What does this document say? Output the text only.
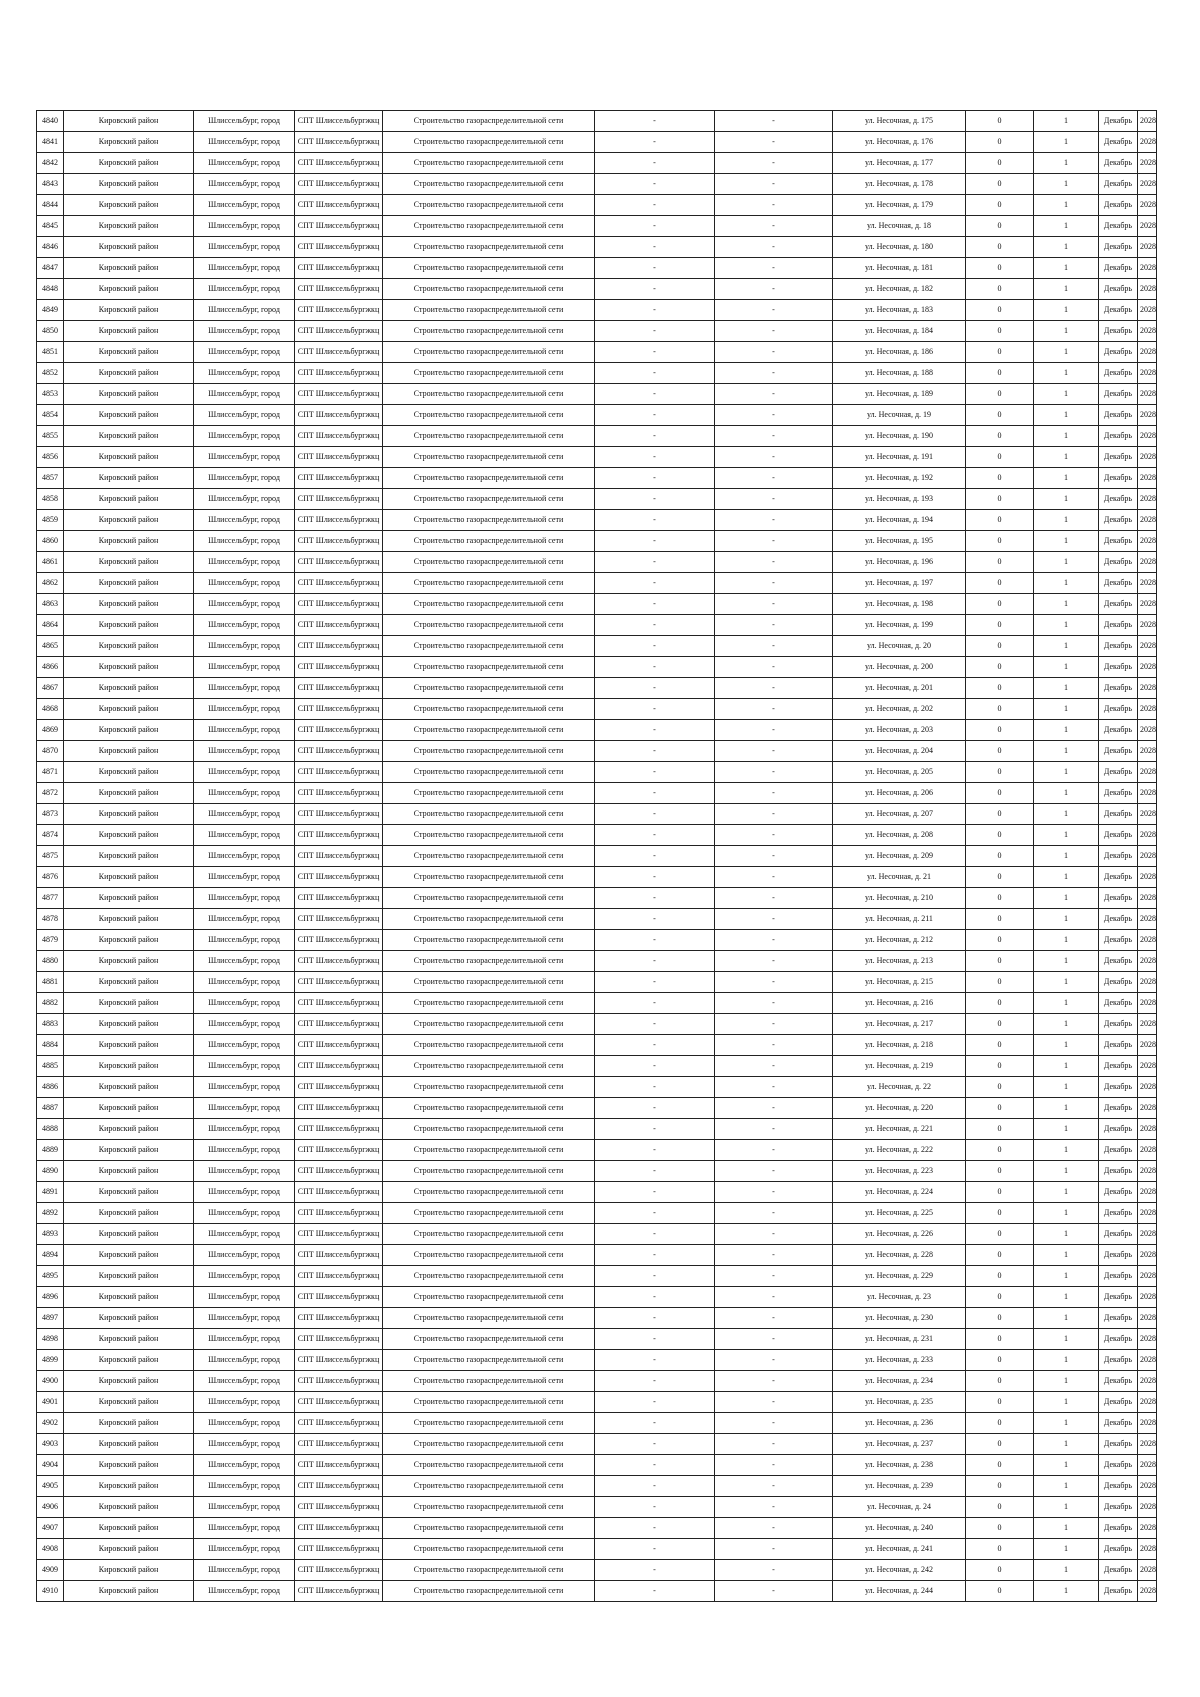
4840	Кировский район	Шлиссельбург, город	СПТ Шлиссельбургжкц	Строительство газораспределительной сети	-	-	ул. Несочная, д. 175	0	1	Декабрь	2028
4841	Кировский район	Шлиссельбург, город	СПТ Шлиссельбургжкц	Строительство газораспределительной сети	-	-	ул. Несочная, д. 176	0	1	Декабрь	2028
4842	Кировский район	Шлиссельбург, город	СПТ Шлиссельбургжкц	Строительство газораспределительной сети	-	-	ул. Несочная, д. 177	0	1	Декабрь	2028
4843	Кировский район	Шлиссельбург, город	СПТ Шлиссельбургжкц	Строительство газораспределительной сети	-	-	ул. Несочная, д. 178	0	1	Декабрь	2028
4844	Кировский район	Шлиссельбург, город	СПТ Шлиссельбургжкц	Строительство газораспределительной сети	-	-	ул. Несочная, д. 179	0	1	Декабрь	2028
4845	Кировский район	Шлиссельбург, город	СПТ Шлиссельбургжкц	Строительство газораспределительной сети	-	-	ул. Несочная, д. 18	0	1	Декабрь	2028
4846	Кировский район	Шлиссельбург, город	СПТ Шлиссельбургжкц	Строительство газораспределительной сети	-	-	ул. Несочная, д. 180	0	1	Декабрь	2028
4847	Кировский район	Шлиссельбург, город	СПТ Шлиссельбургжкц	Строительство газораспределительной сети	-	-	ул. Несочная, д. 181	0	1	Декабрь	2028
4848	Кировский район	Шлиссельбург, город	СПТ Шлиссельбургжкц	Строительство газораспределительной сети	-	-	ул. Несочная, д. 182	0	1	Декабрь	2028
4849	Кировский район	Шлиссельбург, город	СПТ Шлиссельбургжкц	Строительство газораспределительной сети	-	-	ул. Несочная, д. 183	0	1	Декабрь	2028
4850	Кировский район	Шлиссельбург, город	СПТ Шлиссельбургжкц	Строительство газораспределительной сети	-	-	ул. Несочная, д. 184	0	1	Декабрь	2028
4851	Кировский район	Шлиссельбург, город	СПТ Шлиссельбургжкц	Строительство газораспределительной сети	-	-	ул. Несочная, д. 186	0	1	Декабрь	2028
4852	Кировский район	Шлиссельбург, город	СПТ Шлиссельбургжкц	Строительство газораспределительной сети	-	-	ул. Несочная, д. 188	0	1	Декабрь	2028
4853	Кировский район	Шлиссельбург, город	СПТ Шлиссельбургжкц	Строительство газораспределительной сети	-	-	ул. Несочная, д. 189	0	1	Декабрь	2028
4854	Кировский район	Шлиссельбург, город	СПТ Шлиссельбургжкц	Строительство газораспределительной сети	-	-	ул. Несочная, д. 19	0	1	Декабрь	2028
4855	Кировский район	Шлиссельбург, город	СПТ Шлиссельбургжкц	Строительство газораспределительной сети	-	-	ул. Несочная, д. 190	0	1	Декабрь	2028
4856	Кировский район	Шлиссельбург, город	СПТ Шлиссельбургжкц	Строительство газораспределительной сети	-	-	ул. Несочная, д. 191	0	1	Декабрь	2028
4857	Кировский район	Шлиссельбург, город	СПТ Шлиссельбургжкц	Строительство газораспределительной сети	-	-	ул. Несочная, д. 192	0	1	Декабрь	2028
4858	Кировский район	Шлиссельбург, город	СПТ Шлиссельбургжкц	Строительство газораспределительной сети	-	-	ул. Несочная, д. 193	0	1	Декабрь	2028
4859	Кировский район	Шлиссельбург, город	СПТ Шлиссельбургжкц	Строительство газораспределительной сети	-	-	ул. Несочная, д. 194	0	1	Декабрь	2028
4860	Кировский район	Шлиссельбург, город	СПТ Шлиссельбургжкц	Строительство газораспределительной сети	-	-	ул. Несочная, д. 195	0	1	Декабрь	2028
4861	Кировский район	Шлиссельбург, город	СПТ Шлиссельбургжкц	Строительство газораспределительной сети	-	-	ул. Несочная, д. 196	0	1	Декабрь	2028
4862	Кировский район	Шлиссельбург, город	СПТ Шлиссельбургжкц	Строительство газораспределительной сети	-	-	ул. Несочная, д. 197	0	1	Декабрь	2028
4863	Кировский район	Шлиссельбург, город	СПТ Шлиссельбургжкц	Строительство газораспределительной сети	-	-	ул. Несочная, д. 198	0	1	Декабрь	2028
4864	Кировский район	Шлиссельбург, город	СПТ Шлиссельбургжкц	Строительство газораспределительной сети	-	-	ул. Несочная, д. 199	0	1	Декабрь	2028
4865	Кировский район	Шлиссельбург, город	СПТ Шлиссельбургжкц	Строительство газораспределительной сети	-	-	ул. Несочная, д. 20	0	1	Декабрь	2028
4866	Кировский район	Шлиссельбург, город	СПТ Шлиссельбургжкц	Строительство газораспределительной сети	-	-	ул. Несочная, д. 200	0	1	Декабрь	2028
4867	Кировский район	Шлиссельбург, город	СПТ Шлиссельбургжкц	Строительство газораспределительной сети	-	-	ул. Несочная, д. 201	0	1	Декабрь	2028
4868	Кировский район	Шлиссельбург, город	СПТ Шлиссельбургжкц	Строительство газораспределительной сети	-	-	ул. Несочная, д. 202	0	1	Декабрь	2028
4869	Кировский район	Шлиссельбург, город	СПТ Шлиссельбургжкц	Строительство газораспределительной сети	-	-	ул. Несочная, д. 203	0	1	Декабрь	2028
4870	Кировский район	Шлиссельбург, город	СПТ Шлиссельбургжкц	Строительство газораспределительной сети	-	-	ул. Несочная, д. 204	0	1	Декабрь	2028
4871	Кировский район	Шлиссельбург, город	СПТ Шлиссельбургжкц	Строительство газораспределительной сети	-	-	ул. Несочная, д. 205	0	1	Декабрь	2028
4872	Кировский район	Шлиссельбург, город	СПТ Шлиссельбургжкц	Строительство газораспределительной сети	-	-	ул. Несочная, д. 206	0	1	Декабрь	2028
4873	Кировский район	Шлиссельбург, город	СПТ Шлиссельбургжкц	Строительство газораспределительной сети	-	-	ул. Несочная, д. 207	0	1	Декабрь	2028
4874	Кировский район	Шлиссельбург, город	СПТ Шлиссельбургжкц	Строительство газораспределительной сети	-	-	ул. Несочная, д. 208	0	1	Декабрь	2028
4875	Кировский район	Шлиссельбург, город	СПТ Шлиссельбургжкц	Строительство газораспределительной сети	-	-	ул. Несочная, д. 209	0	1	Декабрь	2028
4876	Кировский район	Шлиссельбург, город	СПТ Шлиссельбургжкц	Строительство газораспределительной сети	-	-	ул. Несочная, д. 21	0	1	Декабрь	2028
4877	Кировский район	Шлиссельбург, город	СПТ Шлиссельбургжкц	Строительство газораспределительной сети	-	-	ул. Несочная, д. 210	0	1	Декабрь	2028
4878	Кировский район	Шлиссельбург, город	СПТ Шлиссельбургжкц	Строительство газораспределительной сети	-	-	ул. Несочная, д. 211	0	1	Декабрь	2028
4879	Кировский район	Шлиссельбург, город	СПТ Шлиссельбургжкц	Строительство газораспределительной сети	-	-	ул. Несочная, д. 212	0	1	Декабрь	2028
4880	Кировский район	Шлиссельбург, город	СПТ Шлиссельбургжкц	Строительство газораспределительной сети	-	-	ул. Несочная, д. 213	0	1	Декабрь	2028
4881	Кировский район	Шлиссельбург, город	СПТ Шлиссельбургжкц	Строительство газораспределительной сети	-	-	ул. Несочная, д. 215	0	1	Декабрь	2028
4882	Кировский район	Шлиссельбург, город	СПТ Шлиссельбургжкц	Строительство газораспределительной сети	-	-	ул. Несочная, д. 216	0	1	Декабрь	2028
4883	Кировский район	Шлиссельбург, город	СПТ Шлиссельбургжкц	Строительство газораспределительной сети	-	-	ул. Несочная, д. 217	0	1	Декабрь	2028
4884	Кировский район	Шлиссельбург, город	СПТ Шлиссельбургжкц	Строительство газораспределительной сети	-	-	ул. Несочная, д. 218	0	1	Декабрь	2028
4885	Кировский район	Шлиссельбург, город	СПТ Шлиссельбургжкц	Строительство газораспределительной сети	-	-	ул. Несочная, д. 219	0	1	Декабрь	2028
4886	Кировский район	Шлиссельбург, город	СПТ Шлиссельбургжкц	Строительство газораспределительной сети	-	-	ул. Несочная, д. 22	0	1	Декабрь	2028
4887	Кировский район	Шлиссельбург, город	СПТ Шлиссельбургжкц	Строительство газораспределительной сети	-	-	ул. Несочная, д. 220	0	1	Декабрь	2028
4888	Кировский район	Шлиссельбург, город	СПТ Шлиссельбургжкц	Строительство газораспределительной сети	-	-	ул. Несочная, д. 221	0	1	Декабрь	2028
4889	Кировский район	Шлиссельбург, город	СПТ Шлиссельбургжкц	Строительство газораспределительной сети	-	-	ул. Несочная, д. 222	0	1	Декабрь	2028
4890	Кировский район	Шлиссельбург, город	СПТ Шлиссельбургжкц	Строительство газораспределительной сети	-	-	ул. Несочная, д. 223	0	1	Декабрь	2028
4891	Кировский район	Шлиссельбург, город	СПТ Шлиссельбургжкц	Строительство газораспределительной сети	-	-	ул. Несочная, д. 224	0	1	Декабрь	2028
4892	Кировский район	Шлиссельбург, город	СПТ Шлиссельбургжкц	Строительство газораспределительной сети	-	-	ул. Несочная, д. 225	0	1	Декабрь	2028
4893	Кировский район	Шлиссельбург, город	СПТ Шлиссельбургжкц	Строительство газораспределительной сети	-	-	ул. Несочная, д. 226	0	1	Декабрь	2028
4894	Кировский район	Шлиссельбург, город	СПТ Шлиссельбургжкц	Строительство газораспределительной сети	-	-	ул. Несочная, д. 228	0	1	Декабрь	2028
4895	Кировский район	Шлиссельбург, город	СПТ Шлиссельбургжкц	Строительство газораспределительной сети	-	-	ул. Несочная, д. 229	0	1	Декабрь	2028
4896	Кировский район	Шлиссельбург, город	СПТ Шлиссельбургжкц	Строительство газораспределительной сети	-	-	ул. Несочная, д. 23	0	1	Декабрь	2028
4897	Кировский район	Шлиссельбург, город	СПТ Шлиссельбургжкц	Строительство газораспределительной сети	-	-	ул. Несочная, д. 230	0	1	Декабрь	2028
4898	Кировский район	Шлиссельбург, город	СПТ Шлиссельбургжкц	Строительство газораспределительной сети	-	-	ул. Несочная, д. 231	0	1	Декабрь	2028
4899	Кировский район	Шлиссельбург, город	СПТ Шлиссельбургжкц	Строительство газораспределительной сети	-	-	ул. Несочная, д. 233	0	1	Декабрь	2028
4900	Кировский район	Шлиссельбург, город	СПТ Шлиссельбургжкц	Строительство газораспределительной сети	-	-	ул. Несочная, д. 234	0	1	Декабрь	2028
4901	Кировский район	Шлиссельбург, город	СПТ Шлиссельбургжкц	Строительство газораспределительной сети	-	-	ул. Несочная, д. 235	0	1	Декабрь	2028
4902	Кировский район	Шлиссельбург, город	СПТ Шлиссельбургжкц	Строительство газораспределительной сети	-	-	ул. Несочная, д. 236	0	1	Декабрь	2028
4903	Кировский район	Шлиссельбург, город	СПТ Шлиссельбургжкц	Строительство газораспределительной сети	-	-	ул. Несочная, д. 237	0	1	Декабрь	2028
4904	Кировский район	Шлиссельбург, город	СПТ Шлиссельбургжкц	Строительство газораспределительной сети	-	-	ул. Несочная, д. 238	0	1	Декабрь	2028
4905	Кировский район	Шлиссельбург, город	СПТ Шлиссельбургжкц	Строительство газораспределительной сети	-	-	ул. Несочная, д. 239	0	1	Декабрь	2028
4906	Кировский район	Шлиссельбург, город	СПТ Шлиссельбургжкц	Строительство газораспределительной сети	-	-	ул. Несочная, д. 24	0	1	Декабрь	2028
4907	Кировский район	Шлиссельбург, город	СПТ Шлиссельбургжкц	Строительство газораспределительной сети	-	-	ул. Несочная, д. 240	0	1	Декабрь	2028
4908	Кировский район	Шлиссельбург, город	СПТ Шлиссельбургжкц	Строительство газораспределительной сети	-	-	ул. Несочная, д. 241	0	1	Декабрь	2028
4909	Кировский район	Шлиссельбург, город	СПТ Шлиссельбургжкц	Строительство газораспределительной сети	-	-	ул. Несочная, д. 242	0	1	Декабрь	2028
4910	Кировский район	Шлиссельбург, город	СПТ Шлиссельбургжкц	Строительство газораспределительной сети	-	-	ул. Несочная, д. 244	0	1	Декабрь	2028
